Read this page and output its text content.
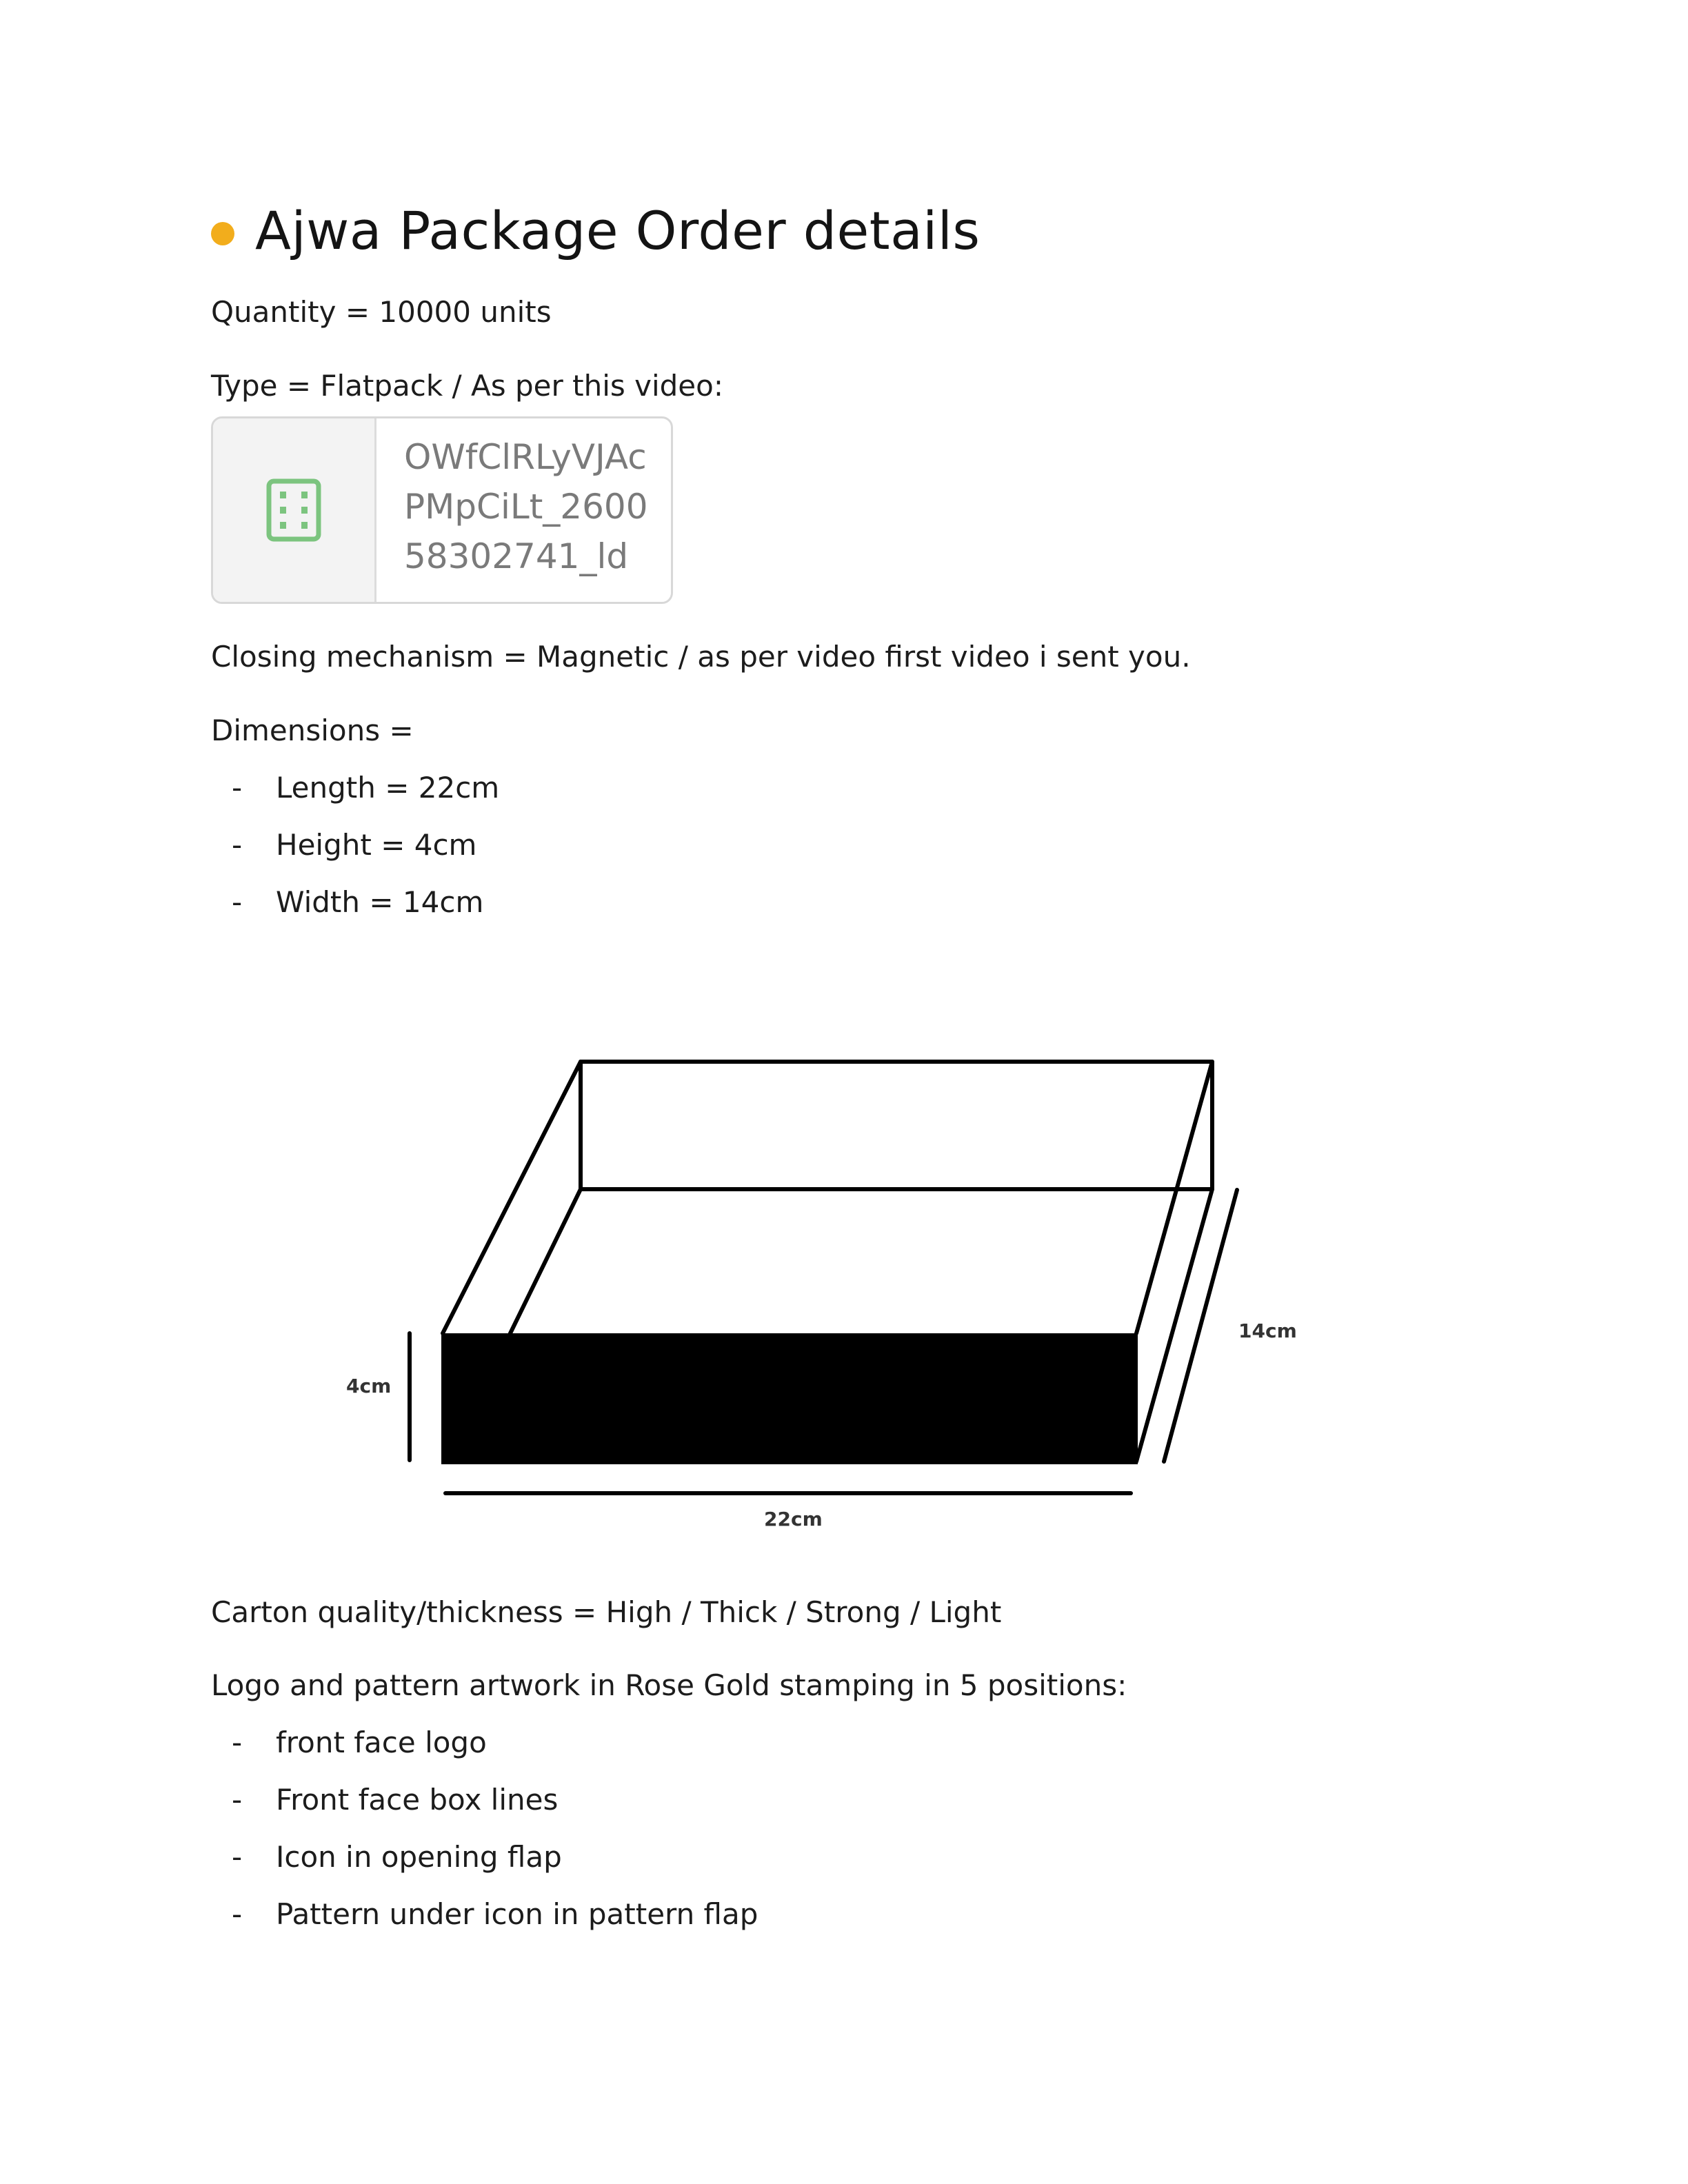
Ajwa Package Order details
Quantity = 10000 units
Type = Flatpack / As per this video:
OWfClRLyVJAcPMpCiLt_260058302741_ld
Closing mechanism = Magnetic / as per video first video i sent you.
Dimensions =
- Length = 22cm
- Height = 4cm
- Width = 14cm
4cm
22cm
14cm
Carton quality/thickness = High / Thick / Strong / Light
Logo and pattern artwork in Rose Gold stamping in 5 positions:
- front face logo
- Front face box lines
- Icon in opening flap
- Pattern under icon in pattern flap
